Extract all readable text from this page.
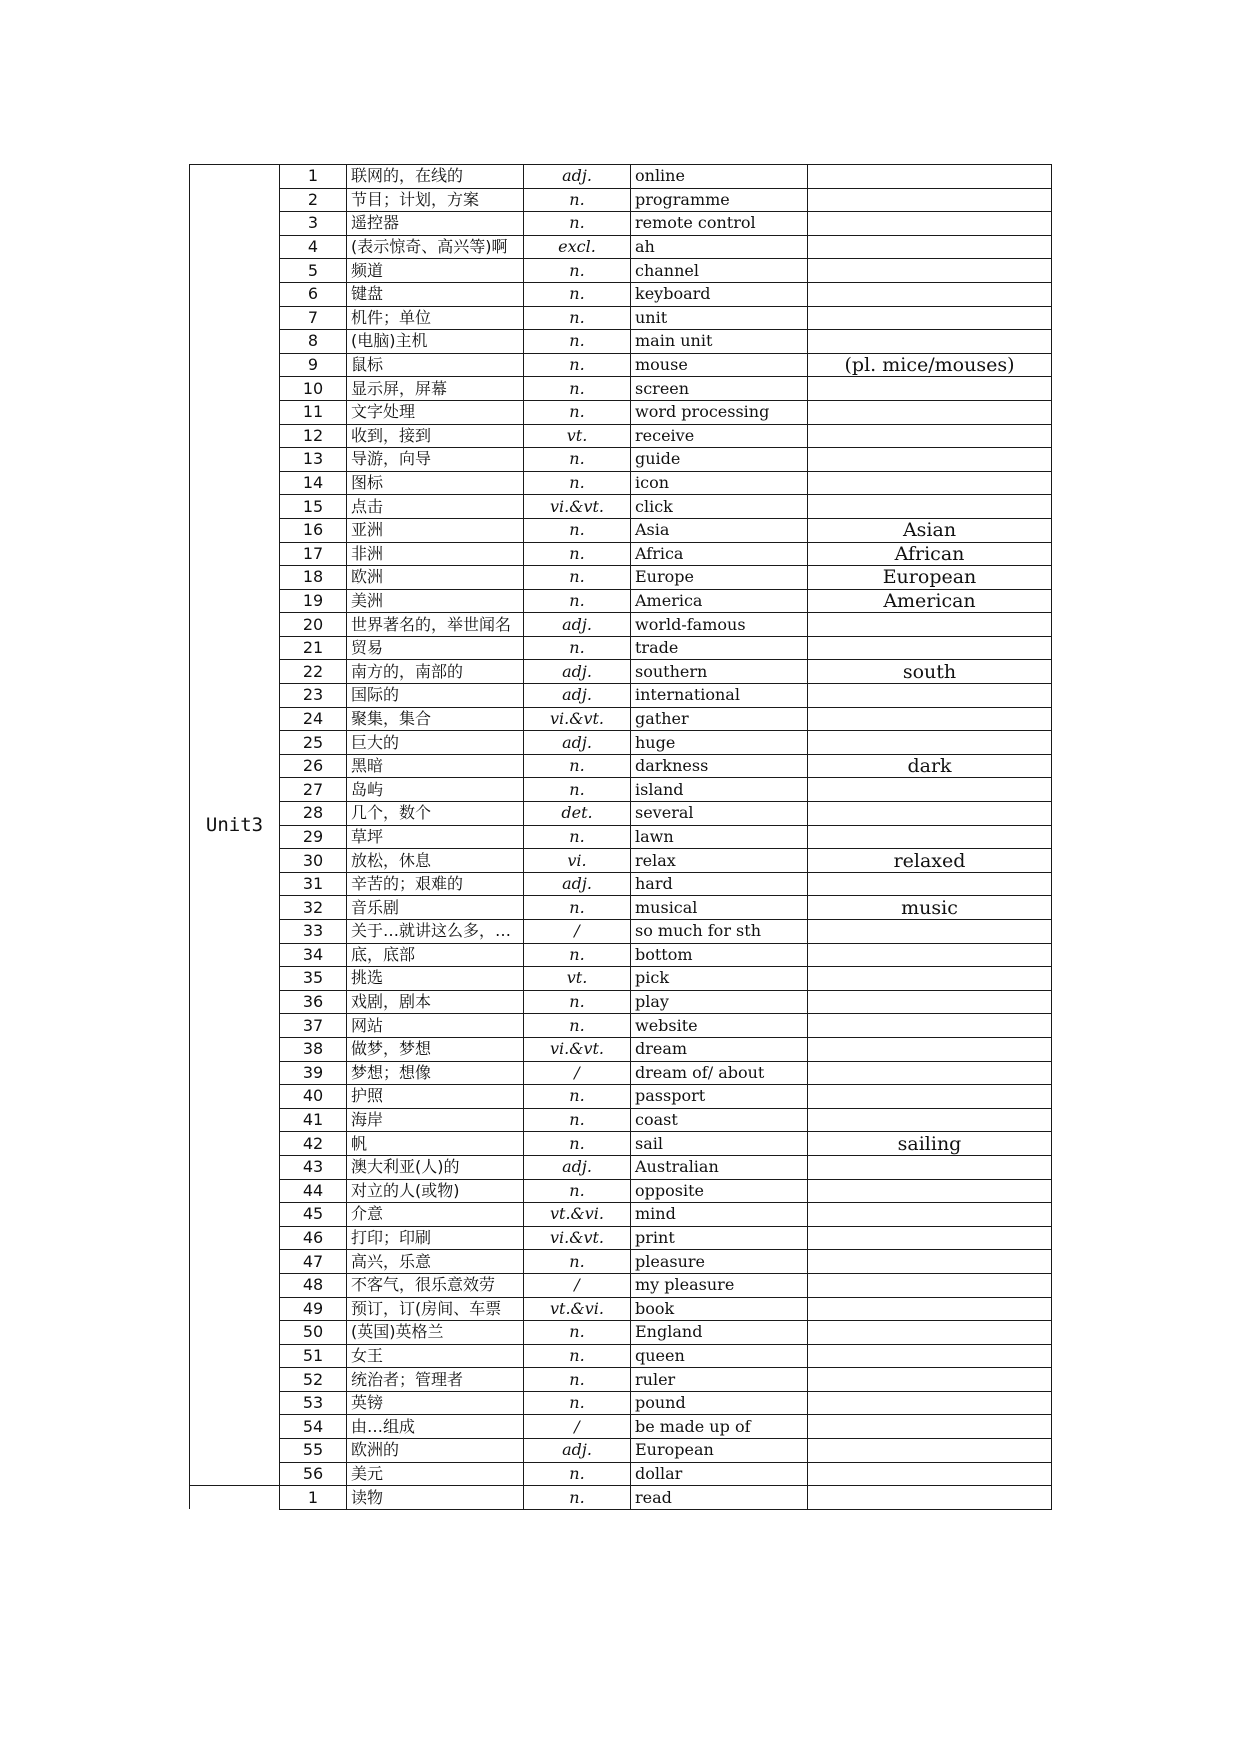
Unit3	1	联网的，在线的	adj.	online	
	2	节目；计划，方案	n.	programme	
	3	遥控器	n.	remote control	
	4	(表示惊奇、高兴等)啊	excl.	ah	
	5	频道	n.	channel	
	6	键盘	n.	keyboard	
	7	机件；单位	n.	unit	
	8	(电脑)主机	n.	main unit	
	9	鼠标	n.	mouse	(pl. mice/mouses)
	10	显示屏，屏幕	n.	screen	
	11	文字处理	n.	word processing	
	12	收到，接到	vt.	receive	
	13	导游，向导	n.	guide	
	14	图标	n.	icon	
	15	点击	vi.&vt.	click	
	16	亚洲	n.	Asia	Asian
	17	非洲	n.	Africa	African
	18	欧洲	n.	Europe	European
	19	美洲	n.	America	American
	20	世界著名的，举世闻名	adj.	world-famous	
	21	贸易	n.	trade	
	22	南方的，南部的	adj.	southern	south
	23	国际的	adj.	international	
	24	聚集，集合	vi.&vt.	gather	
	25	巨大的	adj.	huge	
	26	黑暗	n.	darkness	dark
	27	岛屿	n.	island	
	28	几个，数个	det.	several	
	29	草坪	n.	lawn	
	30	放松，休息	vi.	relax	relaxed
	31	辛苦的；艰难的	adj.	hard	
	32	音乐剧	n.	musical	music
	33	关于…就讲这么多，…	/	so much for sth	
	34	底，底部	n.	bottom	
	35	挑选	vt.	pick	
	36	戏剧，剧本	n.	play	
	37	网站	n.	website	
	38	做梦，梦想	vi.&vt.	dream	
	39	梦想；想像	/	dream of/ about	
	40	护照	n.	passport	
	41	海岸	n.	coast	
	42	帆	n.	sail	sailing
	43	澳大利亚(人)的	adj.	Australian	
	44	对立的人(或物)	n.	opposite	
	45	介意	vt.&vi.	mind	
	46	打印；印刷	vi.&vt.	print	
	47	高兴，乐意	n.	pleasure	
	48	不客气，很乐意效劳	/	my pleasure	
	49	预订，订(房间、车票	vt.&vi.	book	
	50	(英国)英格兰	n.	England	
	51	女王	n.	queen	
	52	统治者；管理者	n.	ruler	
	53	英镑	n.	pound	
	54	由…组成	/	be made up of	
	55	欧洲的	adj.	European	
	56	美元	n.	dollar	
	1	读物	n.	read	
